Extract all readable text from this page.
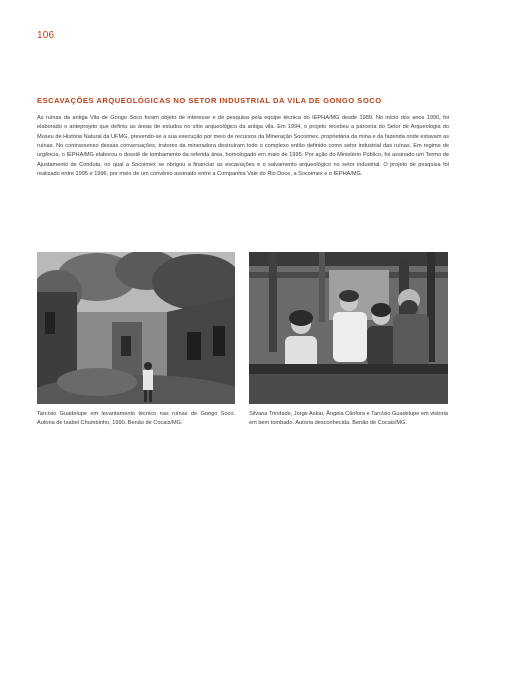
106
ESCAVAÇÕES ARQUEOLÓGICAS NO SETOR INDUSTRIAL DA VILA DE GONGO SOCO

As ruínas da antiga Vila de Gongo Soco foram objeto de interesse e de pesquisa pela equipe técnica do IEPHA/MG desde 1989. No início dos anos 1990, foi elaborado o anteprojeto que definiu as áreas de estudos no sítio arqueológico da antiga vila. Em 1994, o projeto recebeu a parceria do Setor de Arqueologia do Museu de História Natural da UFMG, prevendo-se a sua execução por meio de recursos da Mineração Socoimex, proprietária da mina e da fazenda onde estavam as ruínas. No contrassenso dessas conversações, tratores da mineradora destruíram todo o complexo então definido como setor industrial das ruínas. Em regime de urgência, o IEPHA/MG elaborou o dossiê de tombamento da referida área, homologado em maio de 1995. Por ação do Ministério Público, foi assinado um Termo de Ajustamento de Conduta, no qual a Socoimex se obrigou a financiar as escavações e o salvamento arqueológico no setor industrial. O projeto de pesquisa foi realizado entre 1995 e 1996, por meio de um convênio assinado entre a Companhia Vale do Rio Doce, a Socoimex e o IEPHA/MG.

Tarcísio Guadelupe em levantamento técnico nas ruínas de Gongo Soco. Autoria de Isabel Chumbinho, 1990. Benão de Cocais/MG.

Silvana Trindade, Jorge Askar, Ângela Cânfora e Tarcísio Guadelupe em vistoria em bem tombado. Autoria desconhecida. Benão de Cocais/MG.
